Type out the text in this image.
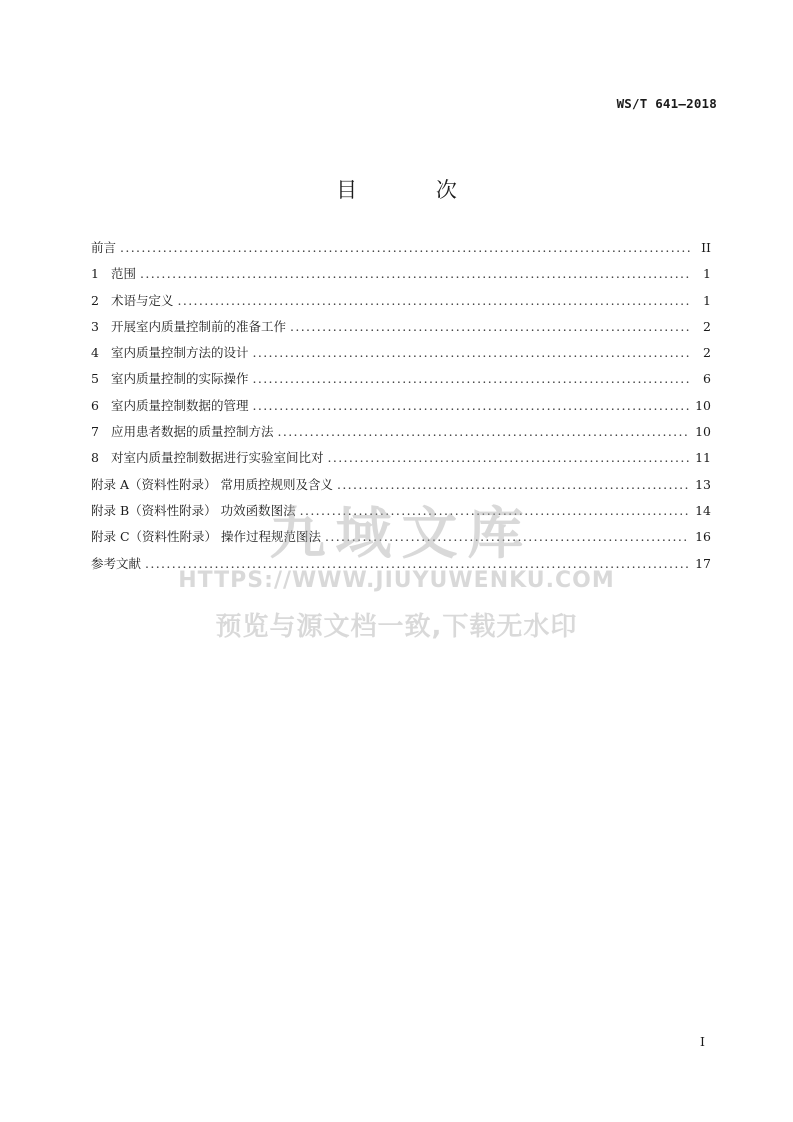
WS/T 641—2018
目 次
前言 . . .	II
1 范围 . . .	1
2 术语与定义 . . .	1
3 开展室内质量控制前的准备工作 . . .	2
4 室内质量控制方法的设计 . . .	2
5 室内质量控制的实际操作 . . .	6
6 室内质量控制数据的管理 . . .	10
7 应用患者数据的质量控制方法 . . .	10
8 对室内质量控制数据进行实验室间比对 . . .	11
附录 A（资料性附录） 常用质控规则及含义 . . .	13
附录 B（资料性附录） 功效函数图法 . . .	14
附录 C（资料性附录） 操作过程规范图法 . . .	16
参考文献 . . .	17
九域文库
HTTPS://WWW.JIUYUWENKU.COM
预览与源文档一致,下载无水印
I
